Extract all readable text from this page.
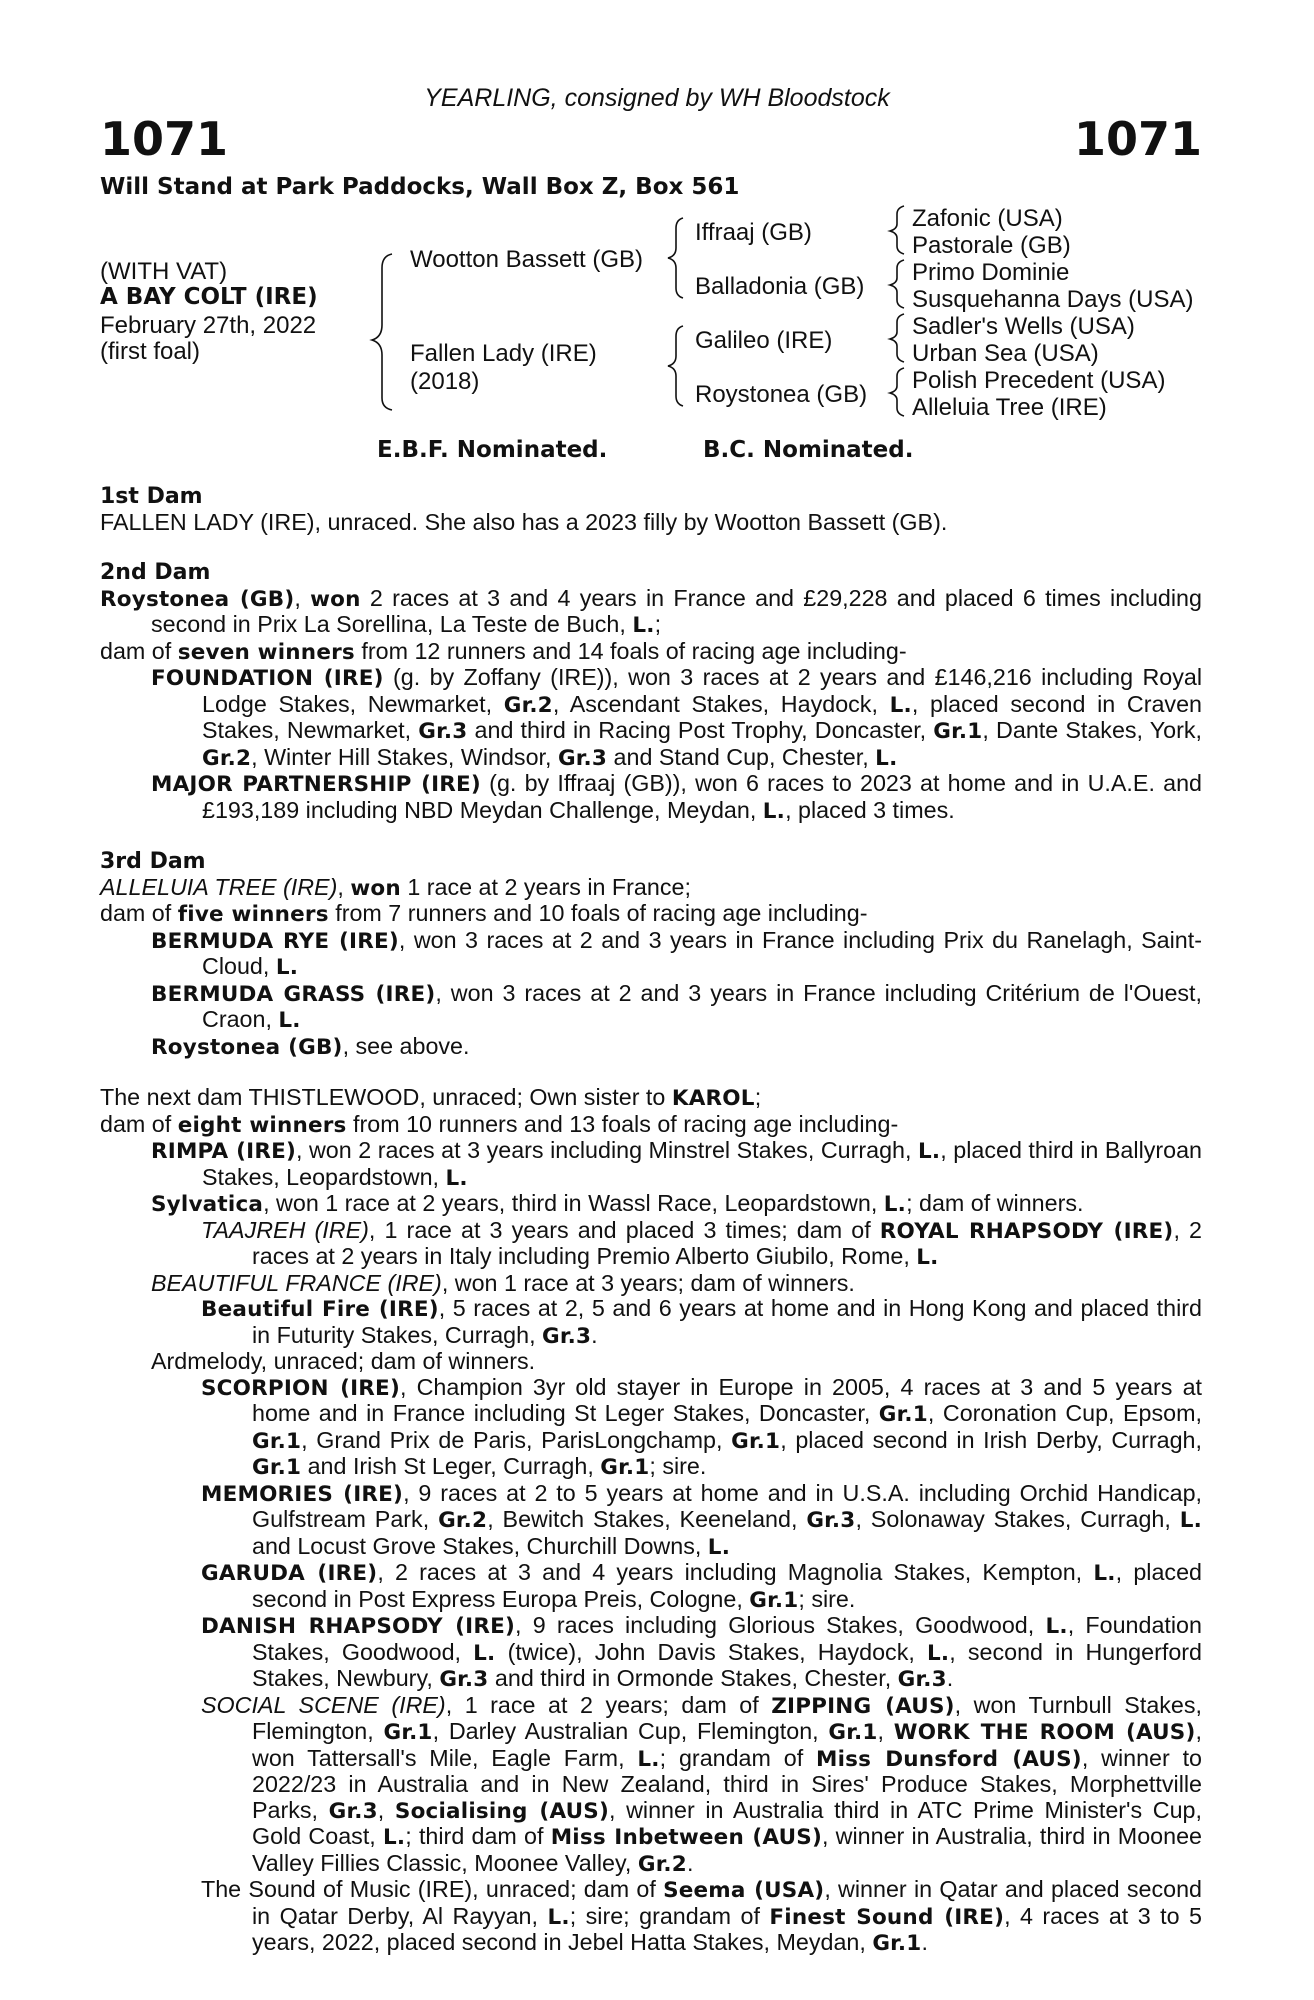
YEARLING, consigned by WH Bloodstock
1071	1071
Will Stand at Park Paddocks, Wall Box Z, Box 561
(WITH VAT)
A BAY COLT (IRE)
February 27th, 2022
(first foal)
Wootton Bassett (GB)
Fallen Lady (IRE)
(2018)
Iffraaj (GB)
Balladonia (GB)
Galileo (IRE)
Roystonea (GB)
Zafonic (USA)
Pastorale (GB)
Primo Dominie
Susquehanna Days (USA)
Sadler's Wells (USA)
Urban Sea (USA)
Polish Precedent (USA)
Alleluia Tree (IRE)
E.B.F. Nominated.	B.C. Nominated.

1st Dam

FALLEN LADY (IRE), unraced. She also has a 2023 filly by Wootton Bassett (GB).

2nd Dam

Roystonea (GB), won 2 races at 3 and 4 years in France and £29,228 and placed 6 times including second in Prix La Sorellina, La Teste de Buch, L.;

dam of seven winners from 12 runners and 14 foals of racing age including-

FOUNDATION (IRE) (g. by Zoffany (IRE)), won 3 races at 2 years and £146,216 including Royal Lodge Stakes, Newmarket, Gr.2, Ascendant Stakes, Haydock, L., placed second in Craven Stakes, Newmarket, Gr.3 and third in Racing Post Trophy, Doncaster, Gr.1, Dante Stakes, York, Gr.2, Winter Hill Stakes, Windsor, Gr.3 and Stand Cup, Chester, L.

MAJOR PARTNERSHIP (IRE) (g. by Iffraaj (GB)), won 6 races to 2023 at home and in U.A.E. and £193,189 including NBD Meydan Challenge, Meydan, L., placed 3 times.

3rd Dam

ALLELUIA TREE (IRE), won 1 race at 2 years in France;

dam of five winners from 7 runners and 10 foals of racing age including-

BERMUDA RYE (IRE), won 3 races at 2 and 3 years in France including Prix du Ranelagh, Saint-Cloud, L.

BERMUDA GRASS (IRE), won 3 races at 2 and 3 years in France including Critérium de l'Ouest, Craon, L.

Roystonea (GB), see above.

The next dam THISTLEWOOD, unraced; Own sister to KAROL;

dam of eight winners from 10 runners and 13 foals of racing age including-

RIMPA (IRE), won 2 races at 3 years including Minstrel Stakes, Curragh, L., placed third in Ballyroan Stakes, Leopardstown, L.

Sylvatica, won 1 race at 2 years, third in Wassl Race, Leopardstown, L.; dam of winners.

TAAJREH (IRE), 1 race at 3 years and placed 3 times; dam of ROYAL RHAPSODY (IRE), 2 races at 2 years in Italy including Premio Alberto Giubilo, Rome, L.

BEAUTIFUL FRANCE (IRE), won 1 race at 3 years; dam of winners.

Beautiful Fire (IRE), 5 races at 2, 5 and 6 years at home and in Hong Kong and placed third in Futurity Stakes, Curragh, Gr.3.

Ardmelody, unraced; dam of winners.

SCORPION (IRE), Champion 3yr old stayer in Europe in 2005, 4 races at 3 and 5 years at home and in France including St Leger Stakes, Doncaster, Gr.1, Coronation Cup, Epsom, Gr.1, Grand Prix de Paris, ParisLongchamp, Gr.1, placed second in Irish Derby, Curragh, Gr.1 and Irish St Leger, Curragh, Gr.1; sire.

MEMORIES (IRE), 9 races at 2 to 5 years at home and in U.S.A. including Orchid Handicap, Gulfstream Park, Gr.2, Bewitch Stakes, Keeneland, Gr.3, Solonaway Stakes, Curragh, L. and Locust Grove Stakes, Churchill Downs, L.

GARUDA (IRE), 2 races at 3 and 4 years including Magnolia Stakes, Kempton, L., placed second in Post Express Europa Preis, Cologne, Gr.1; sire.

DANISH RHAPSODY (IRE), 9 races including Glorious Stakes, Goodwood, L., Foundation Stakes, Goodwood, L. (twice), John Davis Stakes, Haydock, L., second in Hungerford Stakes, Newbury, Gr.3 and third in Ormonde Stakes, Chester, Gr.3.

SOCIAL SCENE (IRE), 1 race at 2 years; dam of ZIPPING (AUS), won Turnbull Stakes, Flemington, Gr.1, Darley Australian Cup, Flemington, Gr.1, WORK THE ROOM (AUS), won Tattersall's Mile, Eagle Farm, L.; grandam of Miss Dunsford (AUS), winner to 2022/23 in Australia and in New Zealand, third in Sires' Produce Stakes, Morphettville Parks, Gr.3, Socialising (AUS), winner in Australia third in ATC Prime Minister's Cup, Gold Coast, L.; third dam of Miss Inbetween (AUS), winner in Australia, third in Moonee Valley Fillies Classic, Moonee Valley, Gr.2.

The Sound of Music (IRE), unraced; dam of Seema (USA), winner in Qatar and placed second in Qatar Derby, Al Rayyan, L.; sire; grandam of Finest Sound (IRE), 4 races at 3 to 5 years, 2022, placed second in Jebel Hatta Stakes, Meydan, Gr.1.
